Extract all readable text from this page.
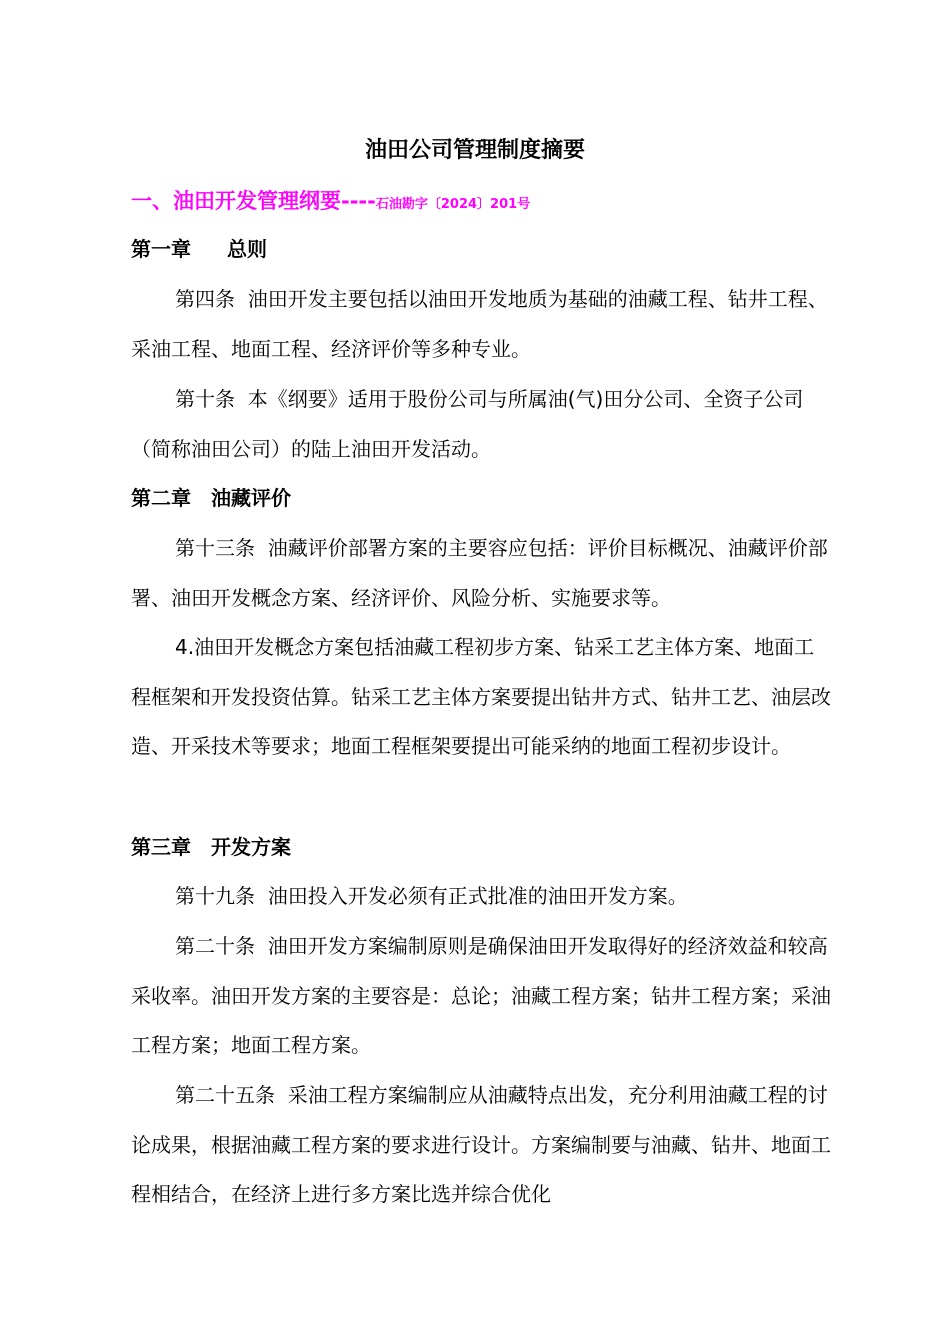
油田公司管理制度摘要
一、油田开发管理纲要----石油勘字〔2024〕201号
第一章 总则

第四条 油田开发主要包括以油田开发地质为基础的油藏工程、钻井工程、采油工程、地面工程、经济评价等多种专业。

第十条 本《纲要》适用于股份公司与所属油(气)田分公司、全资子公司（简称油田公司）的陆上油田开发活动。

第二章 油藏评价

第十三条 油藏评价部署方案的主要容应包括：评价目标概况、油藏评价部署、油田开发概念方案、经济评价、风险分析、实施要求等。

4.油田开发概念方案包括油藏工程初步方案、钻采工艺主体方案、地面工程框架和开发投资估算。钻采工艺主体方案要提出钻井方式、钻井工艺、油层改造、开采技术等要求；地面工程框架要提出可能采纳的地面工程初步设计。

第三章 开发方案

第十九条 油田投入开发必须有正式批准的油田开发方案。

第二十条 油田开发方案编制原则是确保油田开发取得好的经济效益和较高采收率。油田开发方案的主要容是：总论；油藏工程方案；钻井工程方案；采油工程方案；地面工程方案。

第二十五条 采油工程方案编制应从油藏特点出发，充分利用油藏工程的讨论成果，根据油藏工程方案的要求进行设计。方案编制要与油藏、钻井、地面工程相结合，在经济上进行多方案比选并综合优化
